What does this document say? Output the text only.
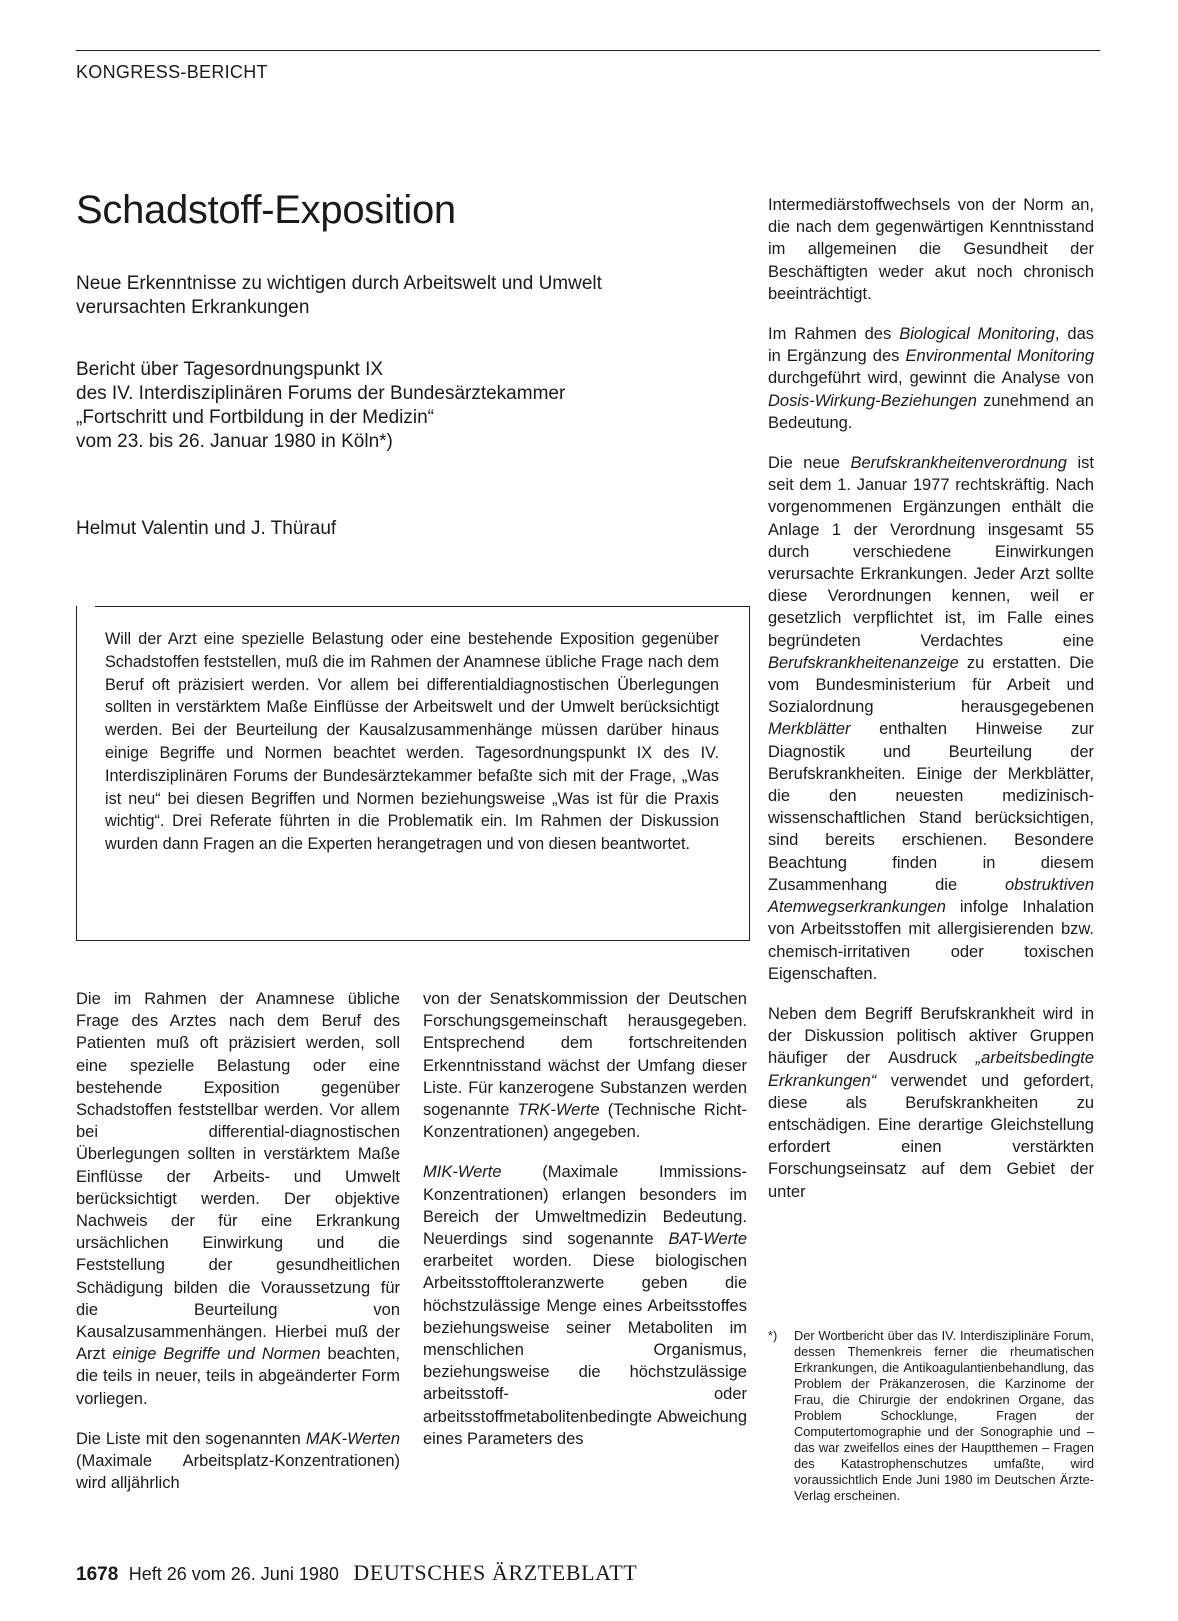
KONGRESS-BERICHT
Schadstoff-Exposition
Neue Erkenntnisse zu wichtigen durch Arbeitswelt und Umwelt
verursachten Erkrankungen
Bericht über Tagesordnungspunkt IX
des IV. Interdisziplinären Forums der Bundesärztekammer
„Fortschritt und Fortbildung in der Medizin“
vom 23. bis 26. Januar 1980 in Köln*)
Helmut Valentin und J. Thürauf
Will der Arzt eine spezielle Belastung oder eine bestehende Exposition gegenüber Schadstoffen feststellen, muß die im Rahmen der Anamnese übliche Frage nach dem Beruf oft präzisiert werden. Vor allem bei differentialdiagnostischen Überlegungen sollten in verstärktem Maße Einflüsse der Arbeitswelt und der Umwelt berücksichtigt werden. Bei der Beurteilung der Kausalzusammenhänge müssen darüber hinaus einige Begriffe und Normen beachtet werden. Tagesordnungspunkt IX des IV. Interdisziplinären Forums der Bundesärztekammer befaßte sich mit der Frage, „Was ist neu“ bei diesen Begriffen und Normen beziehungsweise „Was ist für die Praxis wichtig“. Drei Referate führten in die Problematik ein. Im Rahmen der Diskussion wurden dann Fragen an die Experten herangetragen und von diesen beantwortet.

Die im Rahmen der Anamnese übliche Frage des Arztes nach dem Beruf des Patienten muß oft präzisiert werden, soll eine spezielle Belastung oder eine bestehende Exposition gegenüber Schadstoffen feststellbar werden. Vor allem bei differential-diagnostischen Überlegungen sollten in verstärktem Maße Einflüsse der Arbeits- und Umwelt berücksichtigt werden. Der objektive Nachweis der für eine Erkrankung ursächlichen Einwirkung und die Feststellung der gesundheitlichen Schädigung bilden die Voraussetzung für die Beurteilung von Kausalzusammenhängen. Hierbei muß der Arzt einige Begriffe und Normen beachten, die teils in neuer, teils in abgeänderter Form vorliegen.

Die Liste mit den sogenannten MAK-Werten (Maximale Arbeitsplatz-Konzentrationen) wird alljährlich

von der Senatskommission der Deutschen Forschungsgemeinschaft herausgegeben. Entsprechend dem fortschreitenden Erkenntnisstand wächst der Umfang dieser Liste. Für kanzerogene Substanzen werden sogenannte TRK-Werte (Technische Richt-Konzentrationen) angegeben.

MIK-Werte (Maximale Immissions-Konzentrationen) erlangen besonders im Bereich der Umweltmedizin Bedeutung. Neuerdings sind sogenannte BAT-Werte erarbeitet worden. Diese biologischen Arbeitsstofftoleranzwerte geben die höchstzulässige Menge eines Arbeitsstoffes beziehungsweise seiner Metaboliten im menschlichen Organismus, beziehungsweise die höchstzulässige arbeitsstoff- oder arbeitsstoffmetabolitenbedingte Abweichung eines Parameters des

Intermediärstoffwechsels von der Norm an, die nach dem gegenwärtigen Kenntnisstand im allgemeinen die Gesundheit der Beschäftigten weder akut noch chronisch beeinträchtigt.

Im Rahmen des Biological Monitoring, das in Ergänzung des Environmental Monitoring durchgeführt wird, gewinnt die Analyse von Dosis-Wirkung-Beziehungen zunehmend an Bedeutung.

Die neue Berufskrankheitenverordnung ist seit dem 1. Januar 1977 rechtskräftig. Nach vorgenommenen Ergänzungen enthält die Anlage 1 der Verordnung insgesamt 55 durch verschiedene Einwirkungen verursachte Erkrankungen. Jeder Arzt sollte diese Verordnungen kennen, weil er gesetzlich verpflichtet ist, im Falle eines begründeten Verdachtes eine Berufskrankheitenanzeige zu erstatten. Die vom Bundesministerium für Arbeit und Sozialordnung herausgegebenen Merkblätter enthalten Hinweise zur Diagnostik und Beurteilung der Berufskrankheiten. Einige der Merkblätter, die den neuesten medizinisch-wissenschaftlichen Stand berücksichtigen, sind bereits erschienen. Besondere Beachtung finden in diesem Zusammenhang die obstruktiven Atemwegserkrankungen infolge Inhalation von Arbeitsstoffen mit allergisierenden bzw. chemisch-irritativen oder toxischen Eigenschaften.

Neben dem Begriff Berufskrankheit wird in der Diskussion politisch aktiver Gruppen häufiger der Ausdruck „arbeitsbedingte Erkrankungen“ verwendet und gefordert, diese als Berufskrankheiten zu entschädigen. Eine derartige Gleichstellung erfordert einen verstärkten Forschungseinsatz auf dem Gebiet der unter

*) Der Wortbericht über das IV. Interdisziplinäre Forum, dessen Themenkreis ferner die rheumatischen Erkrankungen, die Antikoagulantienbehandlung, das Problem der Präkanzerosen, die Karzinome der Frau, die Chirurgie der endokrinen Organe, das Problem Schocklunge, Fragen der Computertomographie und der Sonographie und – das war zweifellos eines der Hauptthemen – Fragen des Katastrophenschutzes umfaßte, wird voraussichtlich Ende Juni 1980 im Deutschen Ärzte-Verlag erscheinen.
1678 Heft 26 vom 26. Juni 1980 DEUTSCHES ÄRZTEBLATT
